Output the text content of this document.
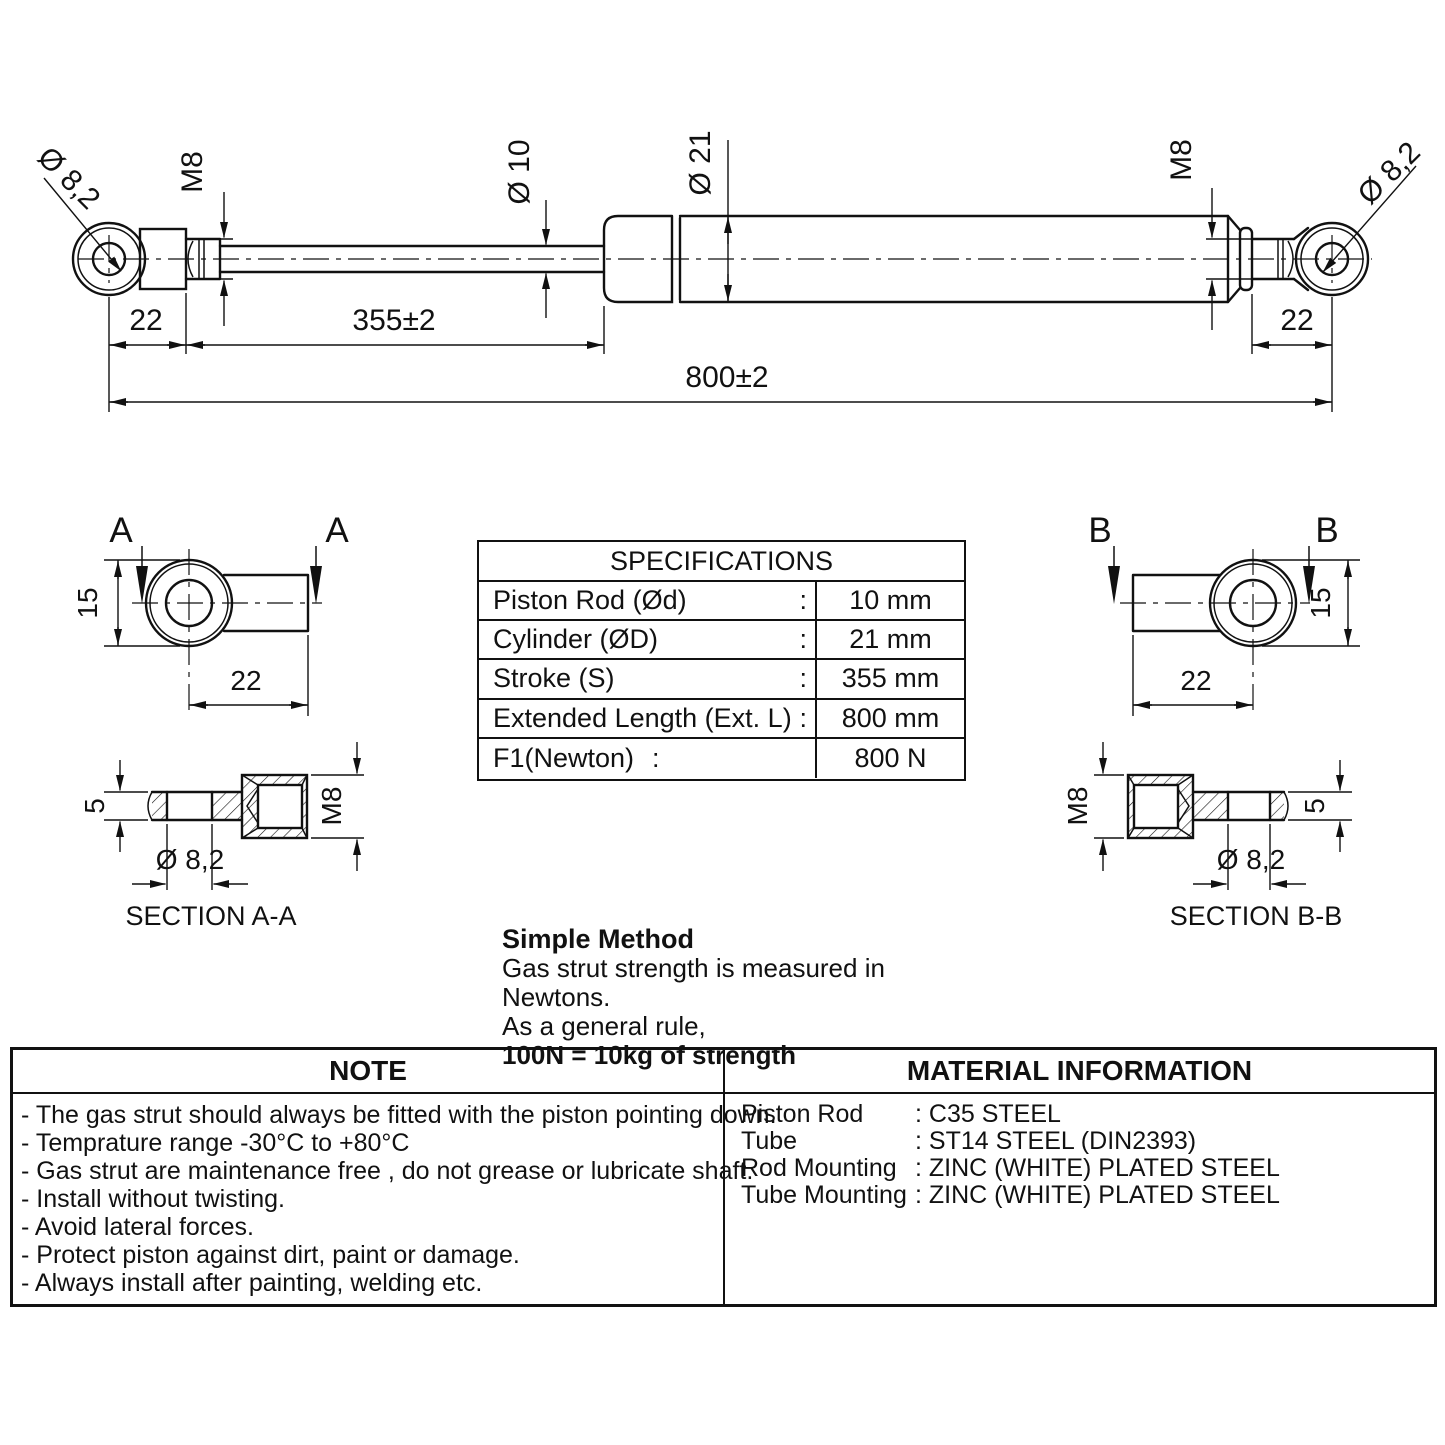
Ø 8,2 M8	Ø 10	Ø 21	M8	Ø 8,2
22	355±2
800±2
22
A	A
15
22
5
Ø 8,2
M8
SECTION A-A
B	B
15
22
M8	5
Ø 8,2
SECTION B-B
SPECIFICATIONS
Piston Rod (Ød)	:	10 mm
Cylinder (ØD)	:	21 mm
Stroke (S)	:	355 mm
Extended Length (Ext. L) :	800 mm
F1(Newton) :	800 N
Simple Method
Gas strut strength is measured in Newtons.
As a general rule,
100N = 10kg of strength
NOTE	MATERIAL INFORMATION
- The gas strut should always be fitted with the piston pointing down.
- Temprature range -30°C to +80°C
- Gas strut are maintenance free , do not grease or lubricate shaft.
- Install without twisting.
- Avoid lateral forces.
- Protect piston against dirt, paint or damage.
- Always install after painting, welding etc.
Piston Rod	: C35 STEEL
Tube	: ST14 STEEL (DIN2393)
Rod Mounting : ZINC (WHITE) PLATED STEEL
Tube Mounting : ZINC (WHITE) PLATED STEEL
